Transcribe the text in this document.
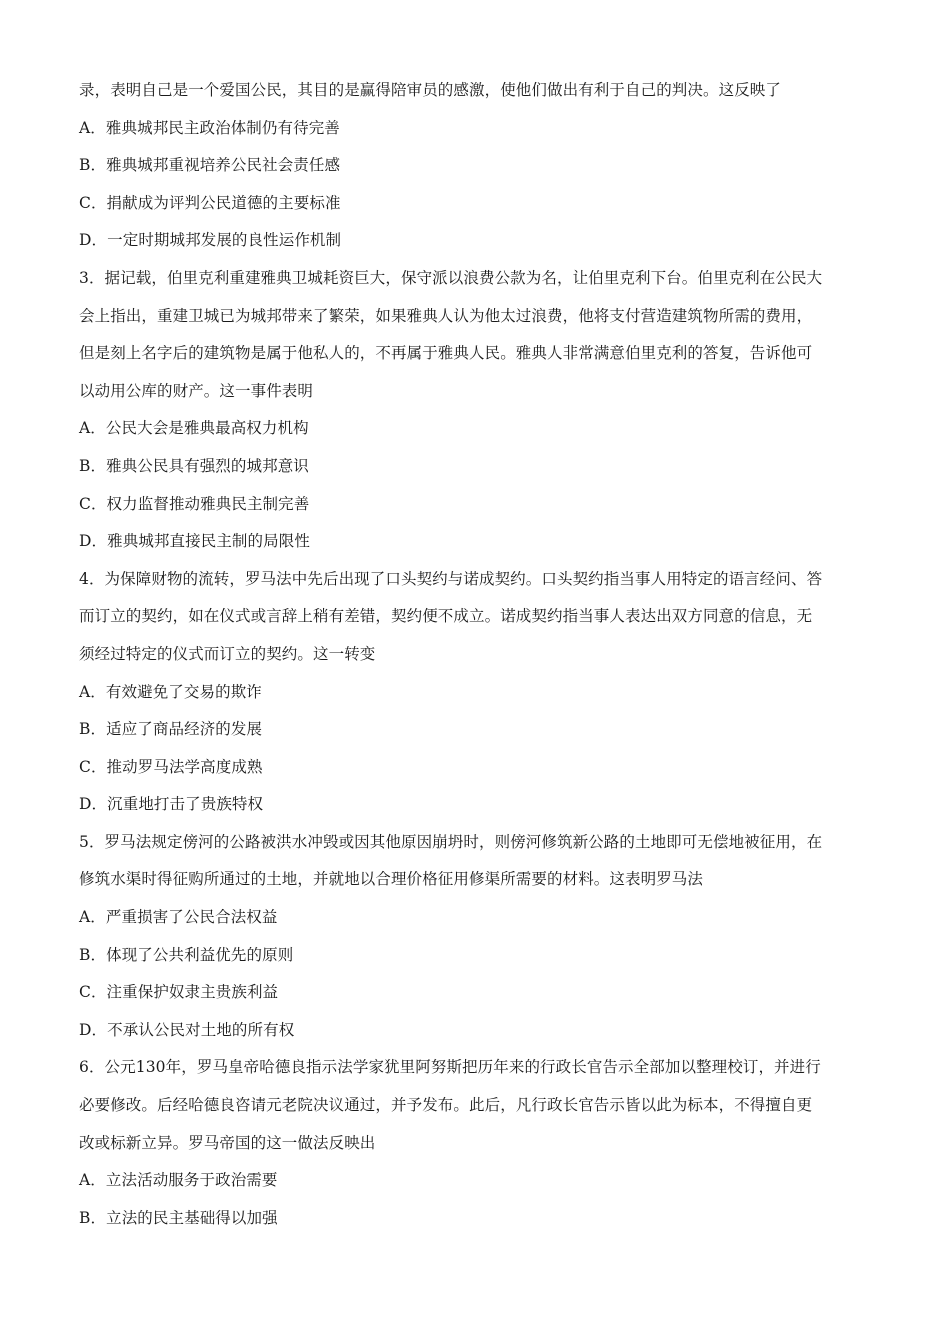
录，表明自己是一个爱国公民，其目的是赢得陪审员的感激，使他们做出有利于自己的判决。这反映了
A．雅典城邦民主政治体制仍有待完善
B．雅典城邦重视培养公民社会责任感
C．捐献成为评判公民道德的主要标准
D．一定时期城邦发展的良性运作机制
3．据记载，伯里克利重建雅典卫城耗资巨大，保守派以浪费公款为名，让伯里克利下台。伯里克利在公民大
会上指出，重建卫城已为城邦带来了繁荣，如果雅典人认为他太过浪费，他将支付营造建筑物所需的费用，
但是刻上名字后的建筑物是属于他私人的，不再属于雅典人民。雅典人非常满意伯里克利的答复，告诉他可
以动用公库的财产。这一事件表明
A．公民大会是雅典最高权力机构
B．雅典公民具有强烈的城邦意识
C．权力监督推动雅典民主制完善
D．雅典城邦直接民主制的局限性
4．为保障财物的流转，罗马法中先后出现了口头契约与诺成契约。口头契约指当事人用特定的语言经问、答
而订立的契约，如在仪式或言辞上稍有差错，契约便不成立。诺成契约指当事人表达出双方同意的信息，无
须经过特定的仪式而订立的契约。这一转变
A．有效避免了交易的欺诈
B．适应了商品经济的发展
C．推动罗马法学高度成熟
D．沉重地打击了贵族特权
5．罗马法规定傍河的公路被洪水冲毁或因其他原因崩坍时，则傍河修筑新公路的土地即可无偿地被征用，在
修筑水渠时得征购所通过的土地，并就地以合理价格征用修渠所需要的材料。这表明罗马法
A．严重损害了公民合法权益
B．体现了公共利益优先的原则
C．注重保护奴隶主贵族利益
D．不承认公民对土地的所有权
6．公元130年，罗马皇帝哈德良指示法学家犹里阿努斯把历年来的行政长官告示全部加以整理校订，并进行
必要修改。后经哈德良咨请元老院决议通过，并予发布。此后，凡行政长官告示皆以此为标本，不得擅自更
改或标新立异。罗马帝国的这一做法反映出
A．立法活动服务于政治需要
B．立法的民主基础得以加强
